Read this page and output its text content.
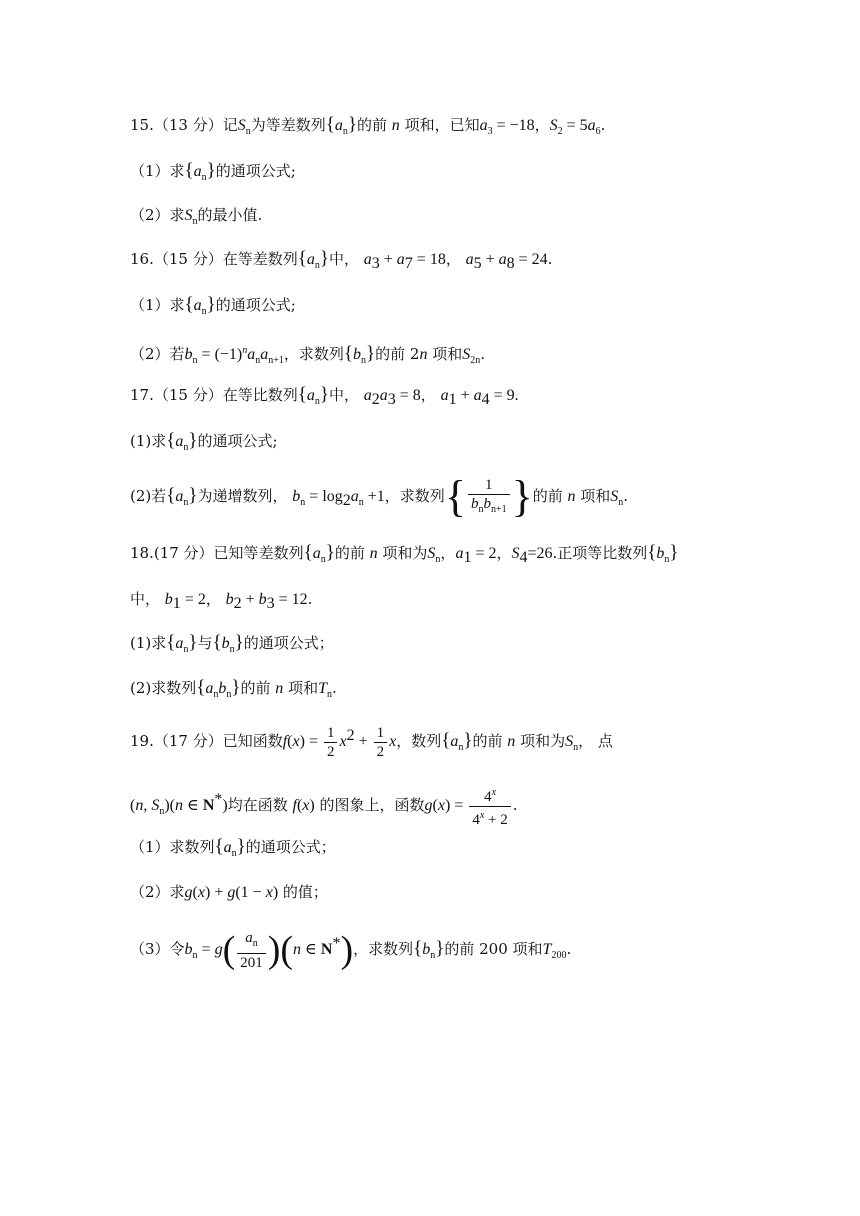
15.（13 分）记$S_n$为等差数列$\{a_n\}$的前 n 项和，已知$a_3 = -18$，$S_2 = 5a_6$.
（1）求$\{a_n\}$的通项公式;
（2）求$S_n$的最小值.
16.（15 分）在等差数列$\{a_n\}$中， $a_3 + a_7 = 18$， $a_5 + a_8 = 24$.
（1）求$\{a_n\}$的通项公式;
（2）若$b_n = (-1)^na_na_{n+1}$，求数列$\{b_n\}$的前 2n 项和$S_{2n}$.
17.（15 分）在等比数列$\{a_n\}$中， $a_2a_3 = 8$， $a_1 + a_4 = 9$.
(1)求$\{a_n\}$的通项公式;
(2)若$\{a_n\}$为递增数列， $b_n = \log_2a_n +1$，求数列{ $\frac{1}{b_nb_{n+1}}$ }的前 n 项和$S_n$.
18.(17 分）已知等差数列$\{a_n\}$的前 n 项和为$S_n$，$a_1 = 2$，$S_4=26$.正项等比数列$\{b_n\}$
中， $b_1 = 2$， $b_2 + b_3 = 12$.
(1)求$\{a_n\}$与$\{b_n\}$的通项公式；
(2)求数列$\{a_nb_n\}$的前 n 项和$T_n$.
19.（17 分）已知函数$f(x) = \frac{1}{2} x^2 + \frac{1}{2}$ x，数列$\{a_n\}$的前 n 项和为$S_n$， 点
(n, $S_n)(n$ ∈ N*)均在函数 f(x) 的图象上，函数$g(x) = \frac{4^x}{4^x + 2}$ .
（1）求数列$\{a_n\}$的通项公式；
（2）求g(x) + g(1 − x) 的值；
（3）令$b_n = g( \frac{a_n}{201} )(n$ ∈ N*)，求数列$\{b_n\}$的前 200 项和$T_{200}$.
